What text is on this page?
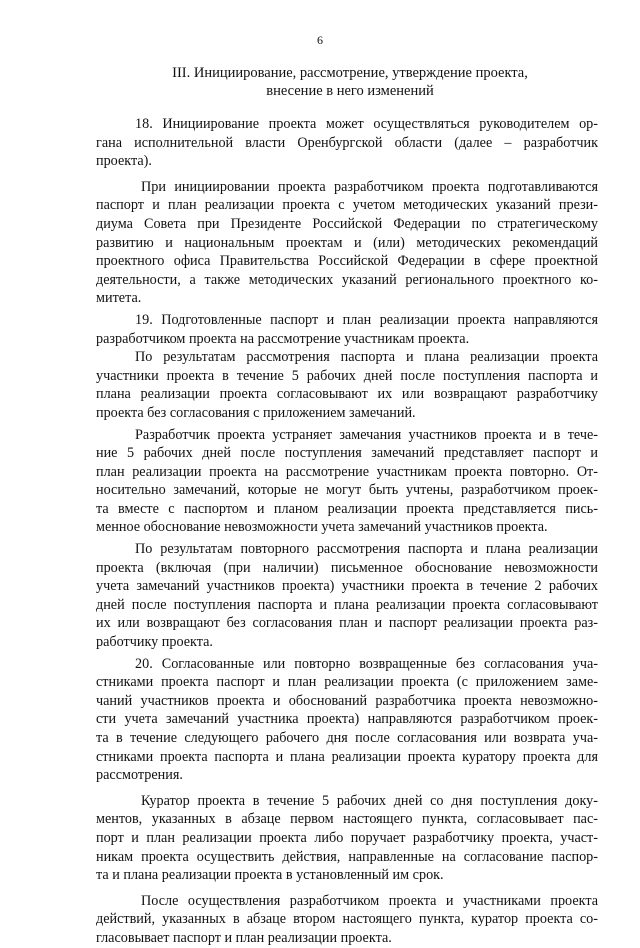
6
III. Инициирование, рассмотрение, утверждение проекта,
внесение в него изменений
18. Инициирование проекта может осуществляться руководителем ор-
гана исполнительной власти Оренбургской области (далее – разработчик
проекта).
При инициировании проекта разработчиком проекта подготавливаются
паспорт и план реализации проекта с учетом методических указаний прези-
диума Совета при Президенте Российской Федерации по стратегическому
развитию и национальным проектам и (или) методических рекомендаций
проектного офиса Правительства Российской Федерации в сфере проектной
деятельности, а также методических указаний регионального проектного ко-
митета.
19. Подготовленные паспорт и план реализации проекта направляются
разработчиком проекта на рассмотрение участникам проекта.
По результатам рассмотрения паспорта и плана реализации проекта
участники проекта в течение 5 рабочих дней после поступления паспорта и
плана реализации проекта согласовывают их или возвращают разработчику
проекта без согласования с приложением замечаний.
Разработчик проекта устраняет замечания участников проекта и в тече-
ние 5 рабочих дней после поступления замечаний представляет паспорт и
план реализации проекта на рассмотрение участникам проекта повторно. От-
носительно замечаний, которые не могут быть учтены, разработчиком проек-
та вместе с паспортом и планом реализации проекта представляется пись-
менное обоснование невозможности учета замечаний участников проекта.
По результатам повторного рассмотрения паспорта и плана реализации
проекта (включая (при наличии) письменное обоснование невозможности
учета замечаний участников проекта) участники проекта в течение 2 рабочих
дней после поступления паспорта и плана реализации проекта согласовывают
их или возвращают без согласования план и паспорт реализации проекта раз-
работчику проекта.
20. Согласованные или повторно возвращенные без согласования уча-
стниками проекта паспорт и план реализации проекта (с приложением заме-
чаний участников проекта и обоснований разработчика проекта невозможно-
сти учета замечаний участника проекта) направляются разработчиком проек-
та в течение следующего рабочего дня после согласования или возврата уча-
стниками проекта паспорта и плана реализации проекта куратору проекта для
рассмотрения.
Куратор проекта в течение 5 рабочих дней со дня поступления доку-
ментов, указанных в абзаце первом настоящего пункта, согласовывает пас-
порт и план реализации проекта либо поручает разработчику проекта, участ-
никам проекта осуществить действия, направленные на согласование паспор-
та и плана реализации проекта в установленный им срок.
После осуществления разработчиком проекта и участниками проекта
действий, указанных в абзаце втором настоящего пункта, куратор проекта со-
гласовывает паспорт и план реализации проекта.
